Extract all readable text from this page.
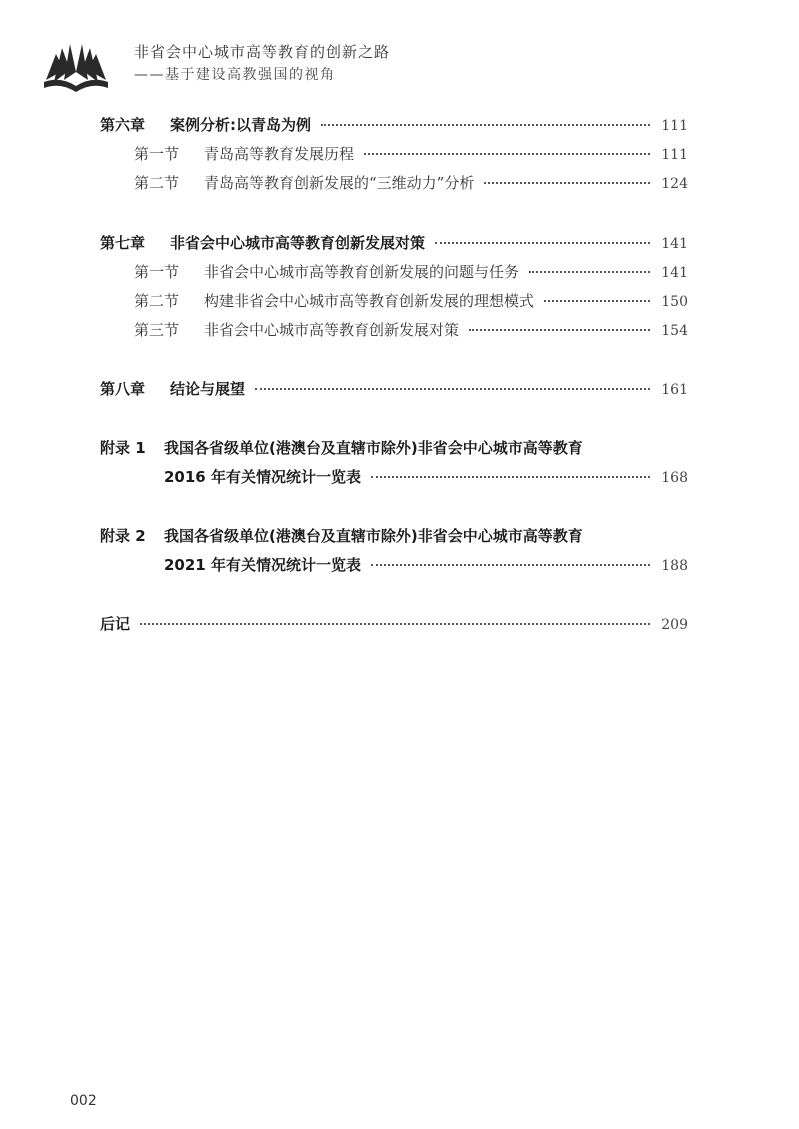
非省会中心城市高等教育的创新之路
——基于建设高教强国的视角
第六章	案例分析:以青岛为例	111
第一节	青岛高等教育发展历程	111
第二节	青岛高等教育创新发展的“三维动力”分析	124
第七章	非省会中心城市高等教育创新发展对策	141
第一节	非省会中心城市高等教育创新发展的问题与任务	141
第二节	构建非省会中心城市高等教育创新发展的理想模式	150
第三节	非省会中心城市高等教育创新发展对策	154
第八章	结论与展望	161
附录 1	我国各省级单位(港澳台及直辖市除外)非省会中心城市高等教育
2016 年有关情况统计一览表	168
附录 2	我国各省级单位(港澳台及直辖市除外)非省会中心城市高等教育
2021 年有关情况统计一览表	188
后记	209
002
